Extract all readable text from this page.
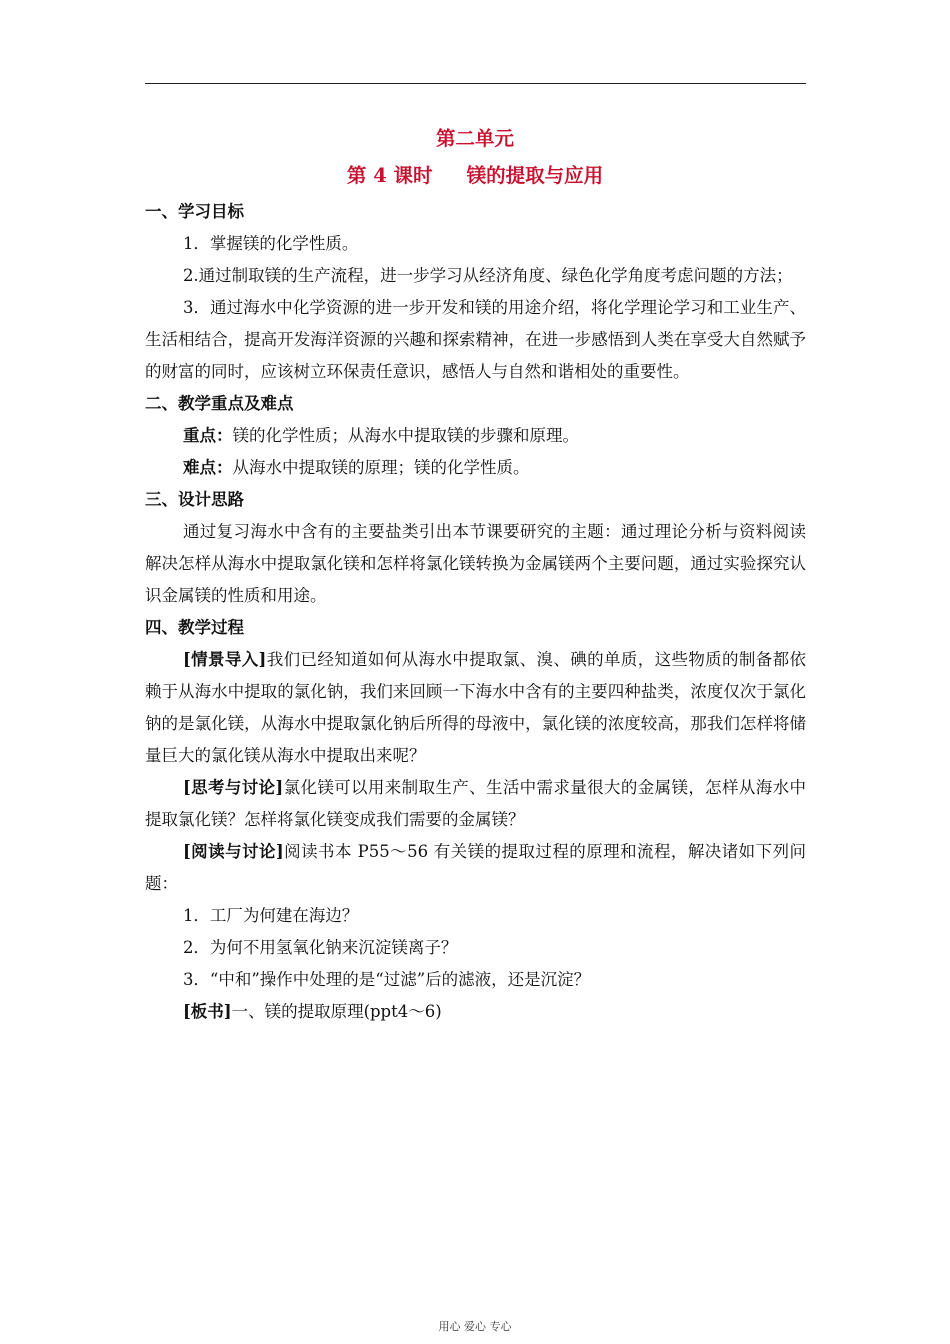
第二单元
第 4 课时 镁的提取与应用

一、学习目标

1．掌握镁的化学性质。

2.通过制取镁的生产流程，进一步学习从经济角度、绿色化学角度考虑问题的方法；

3．通过海水中化学资源的进一步开发和镁的用途介绍，将化学理论学习和工业生产、生活相结合，提高开发海洋资源的兴趣和探索精神，在进一步感悟到人类在享受大自然赋予的财富的同时，应该树立环保责任意识，感悟人与自然和谐相处的重要性。

二、教学重点及难点

重点：镁的化学性质；从海水中提取镁的步骤和原理。

难点：从海水中提取镁的原理；镁的化学性质。

三、设计思路

通过复习海水中含有的主要盐类引出本节课要研究的主题：通过理论分析与资料阅读解决怎样从海水中提取氯化镁和怎样将氯化镁转换为金属镁两个主要问题，通过实验探究认识金属镁的性质和用途。

四、教学过程

[情景导入]我们已经知道如何从海水中提取氯、溴、碘的单质，这些物质的制备都依赖于从海水中提取的氯化钠，我们来回顾一下海水中含有的主要四种盐类，浓度仅次于氯化钠的是氯化镁，从海水中提取氯化钠后所得的母液中，氯化镁的浓度较高，那我们怎样将储量巨大的氯化镁从海水中提取出来呢？

[思考与讨论]氯化镁可以用来制取生产、生活中需求量很大的金属镁，怎样从海水中提取氯化镁？怎样将氯化镁变成我们需要的金属镁？

[阅读与讨论]阅读书本 P55～56 有关镁的提取过程的原理和流程，解决诸如下列问题：

1．工厂为何建在海边？

2．为何不用氢氧化钠来沉淀镁离子？

3．“中和”操作中处理的是“过滤”后的滤液，还是沉淀？

[板书]一、镁的提取原理(ppt4～6)

用心 爱心 专心
